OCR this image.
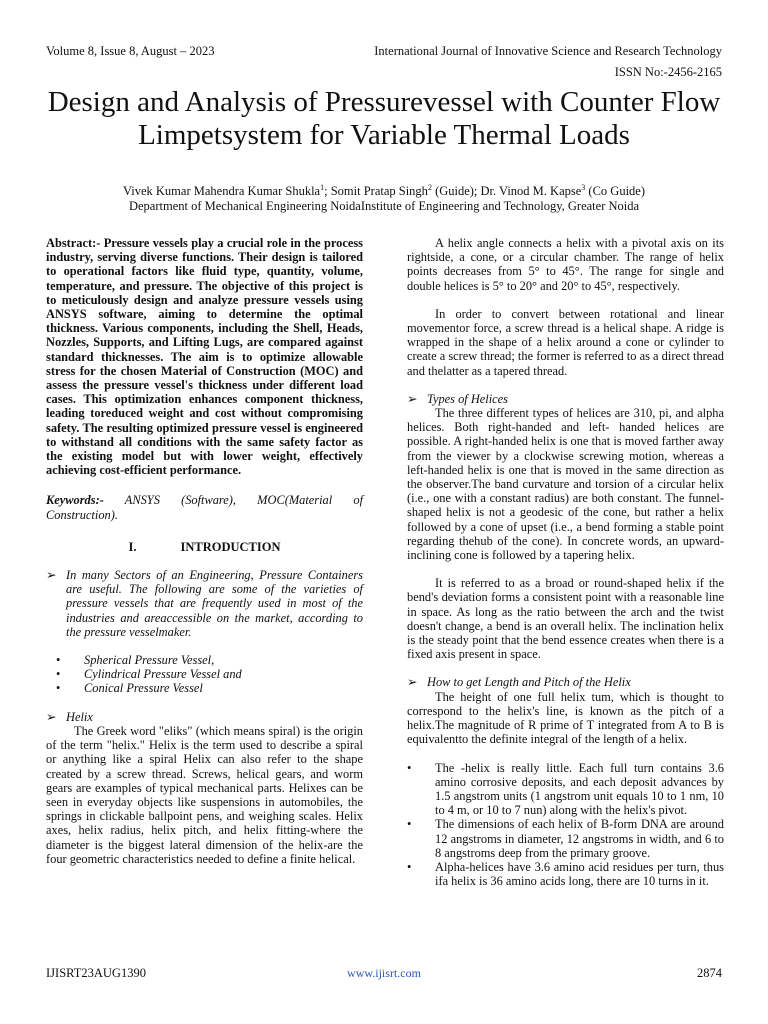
Volume 8, Issue 8, August – 2023	International Journal of Innovative Science and Research Technology
ISSN No:-2456-2165
Design and Analysis of Pressurevessel with Counter Flow Limpetsystem for Variable Thermal Loads
Vivek Kumar Mahendra Kumar Shukla$^1$; Somit Pratap Singh$^2$ (Guide); Dr. Vinod M. Kapse$^3$ (Co Guide)
Department of Mechanical Engineering NoidaInstitute of Engineering and Technology, Greater Noida

Abstract:- Pressure vessels play a crucial role in the process industry, serving diverse functions. Their design is tailored to operational factors like fluid type, quantity, volume, temperature, and pressure. The objective of this project is to meticulously design and analyze pressure vessels using ANSYS software, aiming to determine the optimal thickness. Various components, including the Shell, Heads, Nozzles, Supports, and Lifting Lugs, are compared against standard thicknesses. The aim is to optimize allowable stress for the chosen Material of Construction (MOC) and assess the pressure vessel's thickness under different load cases. This optimization enhances component thickness, leading toreduced weight and cost without compromising safety. The resulting optimized pressure vessel is engineered to withstand all conditions with the same safety factor as the existing model but with lower weight, effectively achieving cost-efficient performance.

Keywords:- ANSYS (Software), MOC(Material of Construction).

I.	INTRODUCTION
➢ In many Sectors of an Engineering, Pressure Containers are useful. The following are some of the varieties of pressure vessels that are frequently used in most of the industries and areaccessible on the market, according to the pressure vesselmaker.

•	Spherical Pressure Vessel,
•	Cylindrical Pressure Vessel and
•	Conical Pressure Vessel
➢ Helix

The Greek word "eliks" (which means spiral) is the origin of the term "helix." Helix is the term used to describe a spiral or anything like a spiral Helix can also refer to the shape created by a screw thread. Screws, helical gears, and worm gears are examples of typical mechanical parts. Helixes can be seen in everyday objects like suspensions in automobiles, the springs in clickable ballpoint pens, and weighing scales. Helix axes, helix radius, helix pitch, and helix fitting-where the diameter is the biggest lateral dimension of the helix-are the four geometric characteristics needed to define a finite helical.

A helix angle connects a helix with a pivotal axis on its rightside, a cone, or a circular chamber. The range of helix points decreases from 5° to 45°. The range for single and double helices is 5° to 20° and 20° to 45°, respectively.

In order to convert between rotational and linear movementor force, a screw thread is a helical shape. A ridge is wrapped in the shape of a helix around a cone or cylinder to create a screw thread; the former is referred to as a direct thread and thelatter as a tapered thread.

➢ Types of Helices

The three different types of helices are 310, pi, and alpha helices. Both right-handed and left- handed helices are possible. A right-handed helix is one that is moved farther away from the viewer by a clockwise screwing motion, whereas a left-handed helix is one that is moved in the same direction as the observer.The band curvature and torsion of a circular helix (i.e., one with a constant radius) are both constant. The funnel-shaped helix is not a geodesic of the cone, but rather a helix followed by a cone of upset (i.e., a bend forming a stable point regarding thehub of the cone). In concrete words, an upward-inclining cone is followed by a tapering helix.

It is referred to as a broad or round-shaped helix if the bend's deviation forms a consistent point with a reasonable line in space. As long as the ratio between the arch and the twist doesn't change, a bend is an overall helix. The inclination helix is the steady point that the bend essence creates when there is a fixed axis present in space.

➢ How to get Length and Pitch of the Helix

The height of one full helix tum, which is thought to correspond to the helix's line, is known as the pitch of a helix.The magnitude of R prime of T integrated from A to B is equivalentto the definite integral of the length of a helix.

•	The -helix is really little. Each full turn contains 3.6 amino corrosive deposits, and each deposit advances by 1.5 angstrom units (1 angstrom unit equals 10 to 1 nm, 10 to 4 m, or 10 to 7 nun) along with the helix's pivot.

•	The dimensions of each helix of B-form DNA are around 12 angstroms in diameter, 12 angstroms in width, and 6 to 8 angstroms deep from the primary groove.

•	Alpha-helices have 3.6 amino acid residues per turn, thus ifa helix is 36 amino acids long, there are 10 turns in it.

IJISRT23AUG1390	www.ijisrt.com	2874
